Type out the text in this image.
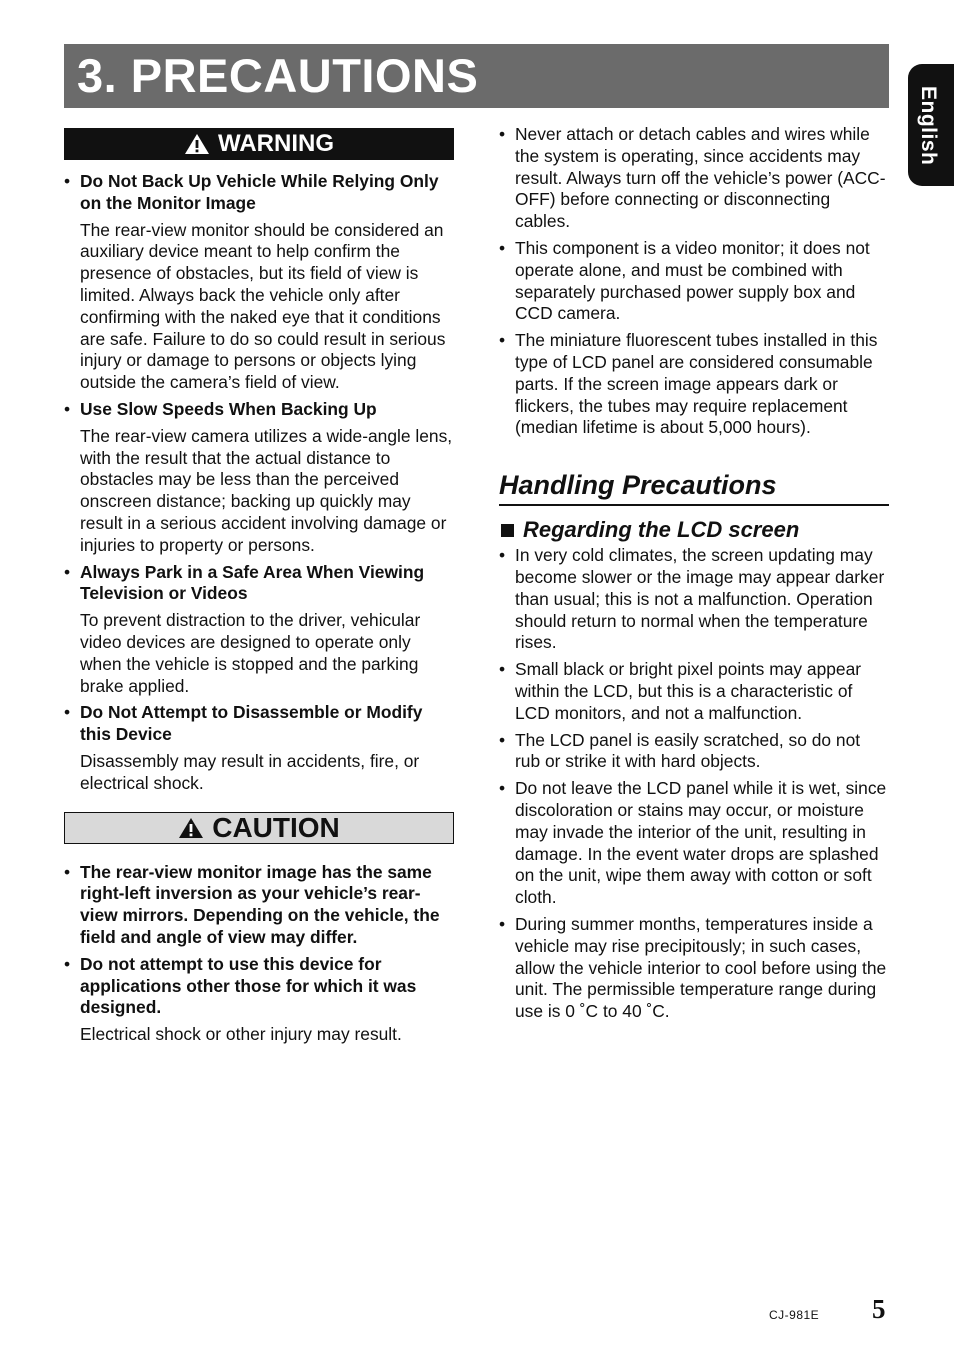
3. PRECAUTIONS
English
WARNING
• Do Not Back Up Vehicle While Relying Only on the Monitor Image
The rear-view monitor should be considered an auxiliary device meant to help confirm the presence of obstacles, but its field of view is limited. Always back the vehicle only after confirming with the naked eye that it conditions are safe. Failure to do so could result in serious injury or damage to persons or objects lying outside the camera’s field of view.
• Use Slow Speeds When Backing Up
The rear-view camera utilizes a wide-angle lens, with the result that the actual distance to obstacles may be less than the perceived onscreen distance; backing up quickly may result in a serious accident involving damage or injuries to property or persons.
• Always Park in a Safe Area When Viewing Television or Videos
To prevent distraction to the driver, vehicular video devices are designed to operate only when the vehicle is stopped and the parking brake applied.
• Do Not Attempt to Disassemble or Modify this Device
Disassembly may result in accidents, fire, or electrical shock.
CAUTION
• The rear-view monitor image has the same right-left inversion as your vehicle’s rear-view mirrors. Depending on the vehicle, the field and angle of view may differ.
• Do not attempt to use this device for applications other those for which it was designed.
Electrical shock or other injury may result.
• Never attach or detach cables and wires while the system is operating, since accidents may result. Always turn off the vehicle’s power (ACC-OFF) before connecting or disconnecting cables.
• This component is a video monitor; it does not operate alone, and must be combined with separately purchased power supply box and CCD camera.
• The miniature fluorescent tubes installed in this type of LCD panel are considered consumable parts. If the screen image appears dark or flickers, the tubes may require replacement (median lifetime is about 5,000 hours).
Handling Precautions
Regarding the LCD screen
• In very cold climates, the screen updating may become slower or the image may appear darker than usual; this is not a malfunction. Operation should return to normal when the temperature rises.
• Small black or bright pixel points may appear within the LCD, but this is a characteristic of LCD monitors, and not a malfunction.
• The LCD panel is easily scratched, so do not rub or strike it with hard objects.
• Do not leave the LCD panel while it is wet, since discoloration or stains may occur, or moisture may invade the interior of the unit, resulting in damage. In the event water drops are splashed on the unit, wipe them away with cotton or soft cloth.
• During summer months, temperatures inside a vehicle may rise precipitously; in such cases, allow the vehicle interior to cool before using the unit. The permissible temperature range during use is 0 ˚C to 40 ˚C.
CJ-981E 5
